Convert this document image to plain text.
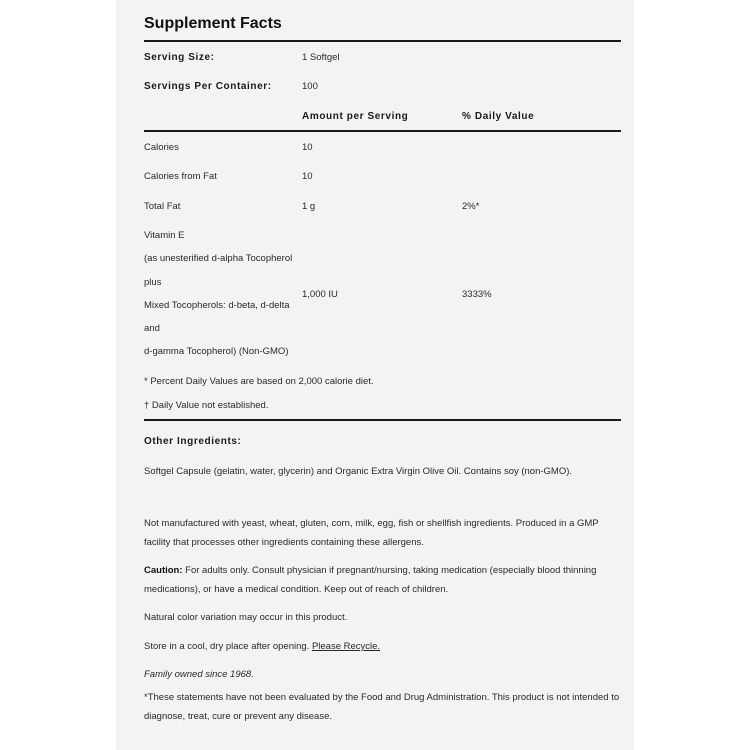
Supplement Facts
Serving Size:	1 Softgel
Servings Per Container:	100
Amount per Serving	% Daily Value
Calories	10
Calories from Fat	10
Total Fat	1 g	2%*
Vitamin E
(as unesterified d-alpha Tocopherol
plus
Mixed Tocopherols: d-beta, d-delta
and
d-gamma Tocopherol) (Non-GMO)
1,000 IU	3333%
* Percent Daily Values are based on 2,000 calorie diet.
† Daily Value not established.
Other Ingredients:
Softgel Capsule (gelatin, water, glycerin) and Organic Extra Virgin Olive Oil. Contains soy (non-GMO).
Not manufactured with yeast, wheat, gluten, corn, milk, egg, fish or shellfish ingredients. Produced in a GMP facility that processes other ingredients containing these allergens.
Caution: For adults only. Consult physician if pregnant/nursing, taking medication (especially blood thinning medications), or have a medical condition. Keep out of reach of children.
Natural color variation may occur in this product.
Store in a cool, dry place after opening. Please Recycle.
Family owned since 1968.
*These statements have not been evaluated by the Food and Drug Administration. This product is not intended to diagnose, treat, cure or prevent any disease.
